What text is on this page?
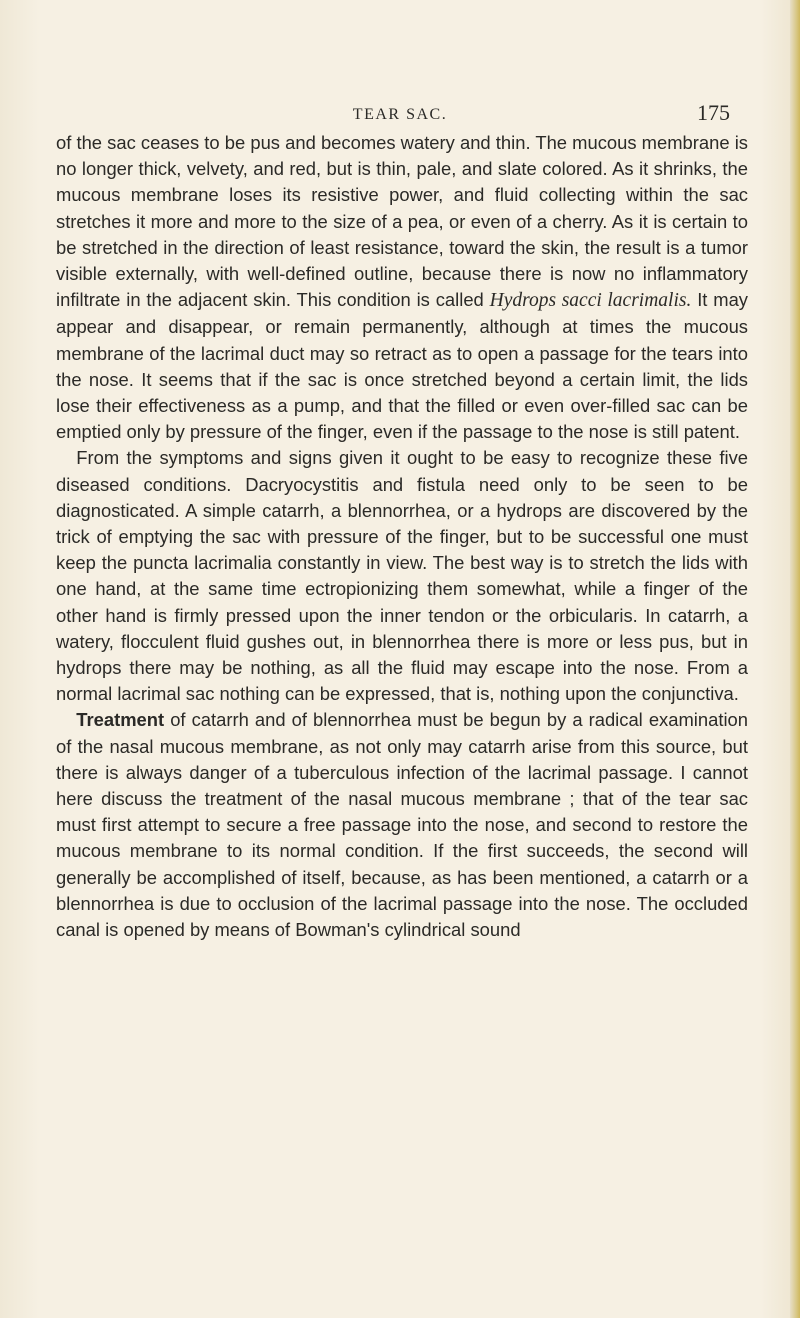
TEAR SAC.	175

of the sac ceases to be pus and becomes watery and thin. The mucous membrane is no longer thick, velvety, and red, but is thin, pale, and slate colored. As it shrinks, the mucous membrane loses its resistive power, and fluid collecting within the sac stretches it more and more to the size of a pea, or even of a cherry. As it is certain to be stretched in the direction of least resistance, toward the skin, the result is a tumor visible externally, with well-defined outline, because there is now no inflammatory infiltrate in the adjacent skin. This condition is called Hydrops sacci lacrimalis. It may appear and disappear, or remain permanently, although at times the mucous membrane of the lacrimal duct may so retract as to open a passage for the tears into the nose. It seems that if the sac is once stretched beyond a certain limit, the lids lose their effectiveness as a pump, and that the filled or even over-filled sac can be emptied only by pressure of the finger, even if the passage to the nose is still patent.

From the symptoms and signs given it ought to be easy to recognize these five diseased conditions. Dacryocystitis and fistula need only to be seen to be diagnosticated. A simple catarrh, a blennorrhea, or a hydrops are discovered by the trick of emptying the sac with pressure of the finger, but to be successful one must keep the puncta lacrimalia constantly in view. The best way is to stretch the lids with one hand, at the same time ectropionizing them somewhat, while a finger of the other hand is firmly pressed upon the inner tendon or the orbicularis. In catarrh, a watery, flocculent fluid gushes out, in blennorrhea there is more or less pus, but in hydrops there may be nothing, as all the fluid may escape into the nose. From a normal lacrimal sac nothing can be expressed, that is, nothing upon the conjunctiva.

Treatment of catarrh and of blennorrhea must be begun by a radical examination of the nasal mucous membrane, as not only may catarrh arise from this source, but there is always danger of a tuberculous infection of the lacrimal passage. I cannot here discuss the treatment of the nasal mucous membrane ; that of the tear sac must first attempt to secure a free passage into the nose, and second to restore the mucous membrane to its normal condition. If the first succeeds, the second will generally be accomplished of itself, because, as has been mentioned, a catarrh or a blennorrhea is due to occlusion of the lacrimal passage into the nose. The occluded canal is opened by means of Bowman's cylindrical sound
